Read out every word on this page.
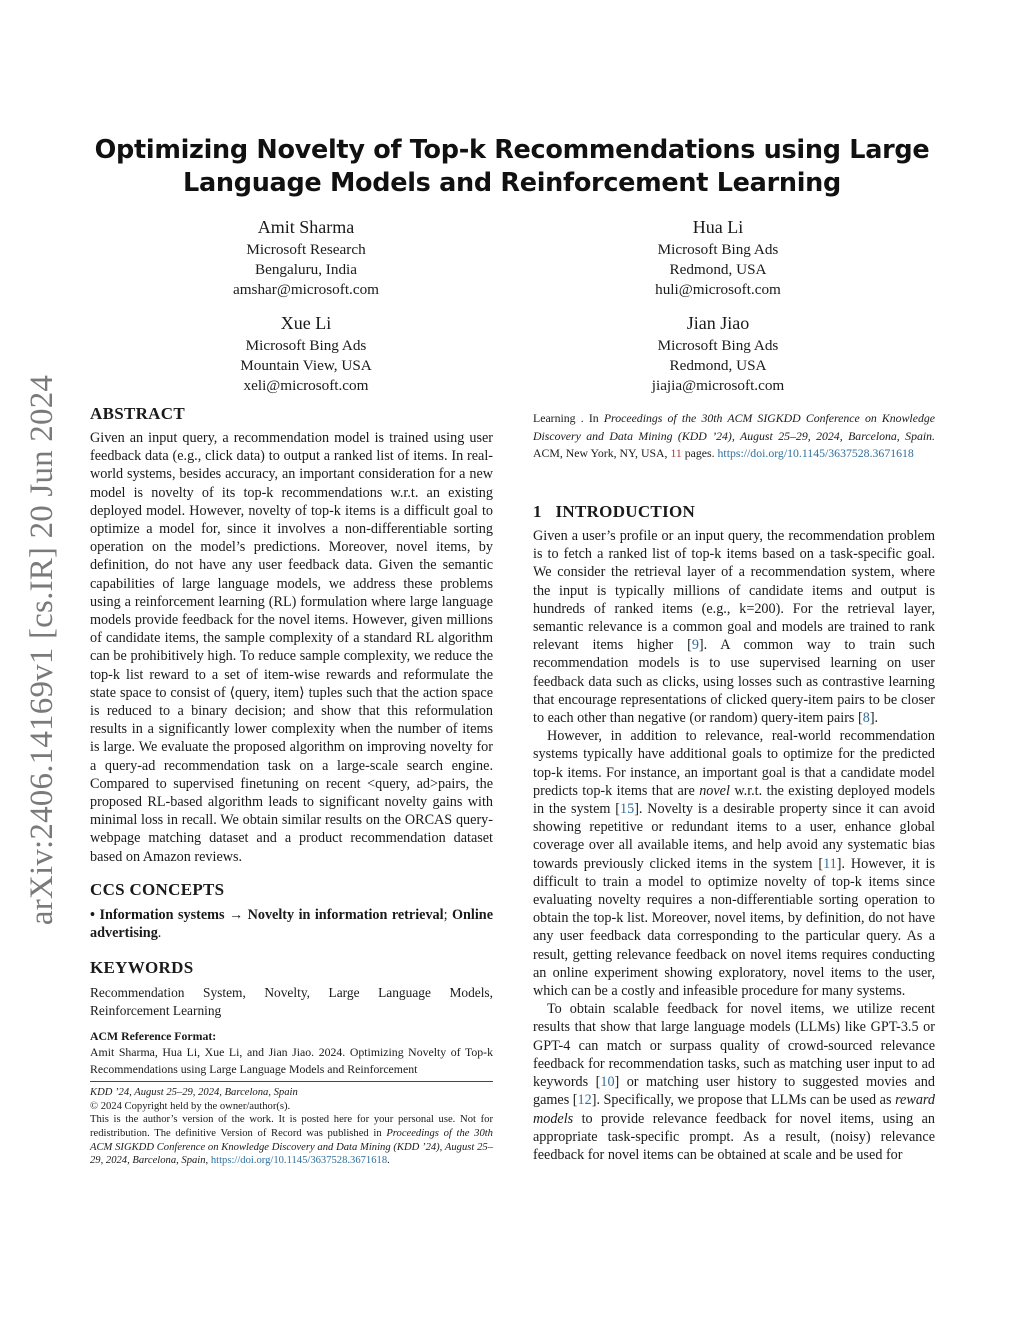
arXiv:2406.14169v1 [cs.IR] 20 Jun 2024
Optimizing Novelty of Top-k Recommendations using Large
Language Models and Reinforcement Learning
Amit Sharma
Microsoft Research
Bengaluru, India
amshar@microsoft.com
Hua Li
Microsoft Bing Ads
Redmond, USA
huli@microsoft.com
Xue Li
Microsoft Bing Ads
Mountain View, USA
xeli@microsoft.com
Jian Jiao
Microsoft Bing Ads
Redmond, USA
jiajia@microsoft.com
ABSTRACT

Given an input query, a recommendation model is trained using user feedback data (e.g., click data) to output a ranked list of items. In real-world systems, besides accuracy, an important consideration for a new model is novelty of its top-k recommendations w.r.t. an existing deployed model. However, novelty of top-k items is a difficult goal to optimize a model for, since it involves a non-differentiable sorting operation on the model’s predictions. Moreover, novel items, by definition, do not have any user feedback data. Given the semantic capabilities of large language models, we address these problems using a reinforcement learning (RL) formulation where large language models provide feedback for the novel items. However, given millions of candidate items, the sample complexity of a standard RL algorithm can be prohibitively high. To reduce sample complexity, we reduce the top-k list reward to a set of item-wise rewards and reformulate the state space to consist of ⟨query, item⟩ tuples such that the action space is reduced to a binary decision; and show that this reformulation results in a significantly lower complexity when the number of items is large. We evaluate the proposed algorithm on improving novelty for a query-ad recommendation task on a large-scale search engine. Compared to supervised finetuning on recent <query, ad>pairs, the proposed RL-based algorithm leads to significant novelty gains with minimal loss in recall. We obtain similar results on the ORCAS query-webpage matching dataset and a product recommendation dataset based on Amazon reviews.

CCS CONCEPTS

• Information systems → Novelty in information retrieval; Online advertising.

KEYWORDS

Recommendation System, Novelty, Large Language Models, Reinforcement Learning

ACM Reference Format:

Amit Sharma, Hua Li, Xue Li, and Jian Jiao. 2024. Optimizing Novelty of Top-k Recommendations using Large Language Models and Reinforcement

KDD ’24, August 25–29, 2024, Barcelona, Spain

© 2024 Copyright held by the owner/author(s).

This is the author’s version of the work. It is posted here for your personal use. Not for redistribution. The definitive Version of Record was published in Proceedings of the 30th ACM SIGKDD Conference on Knowledge Discovery and Data Mining (KDD ’24), August 25–29, 2024, Barcelona, Spain, https://doi.org/10.1145/3637528.3671618.

Learning . In Proceedings of the 30th ACM SIGKDD Conference on Knowledge Discovery and Data Mining (KDD ’24), August 25–29, 2024, Barcelona, Spain. ACM, New York, NY, USA, 11 pages. https://doi.org/10.1145/3637528.3671618

1 INTRODUCTION

Given a user’s profile or an input query, the recommendation problem is to fetch a ranked list of top-k items based on a task-specific goal. We consider the retrieval layer of a recommendation system, where the input is typically millions of candidate items and output is hundreds of ranked items (e.g., k=200). For the retrieval layer, semantic relevance is a common goal and models are trained to rank relevant items higher [9]. A common way to train such recommendation models is to use supervised learning on user feedback data such as clicks, using losses such as contrastive learning that encourage representations of clicked query-item pairs to be closer to each other than negative (or random) query-item pairs [8].

However, in addition to relevance, real-world recommendation systems typically have additional goals to optimize for the predicted top-k items. For instance, an important goal is that a candidate model predicts top-k items that are novel w.r.t. the existing deployed models in the system [15]. Novelty is a desirable property since it can avoid showing repetitive or redundant items to a user, enhance global coverage over all available items, and help avoid any systematic bias towards previously clicked items in the system [11]. However, it is difficult to train a model to optimize novelty of top-k items since evaluating novelty requires a non-differentiable sorting operation to obtain the top-k list. Moreover, novel items, by definition, do not have any user feedback data corresponding to the particular query. As a result, getting relevance feedback on novel items requires conducting an online experiment showing exploratory, novel items to the user, which can be a costly and infeasible procedure for many systems.

To obtain scalable feedback for novel items, we utilize recent results that show that large language models (LLMs) like GPT-3.5 or GPT-4 can match or surpass quality of crowd-sourced relevance feedback for recommendation tasks, such as matching user input to ad keywords [10] or matching user history to suggested movies and games [12]. Specifically, we propose that LLMs can be used as reward models to provide relevance feedback for novel items, using an appropriate task-specific prompt. As a result, (noisy) relevance feedback for novel items can be obtained at scale and be used for
